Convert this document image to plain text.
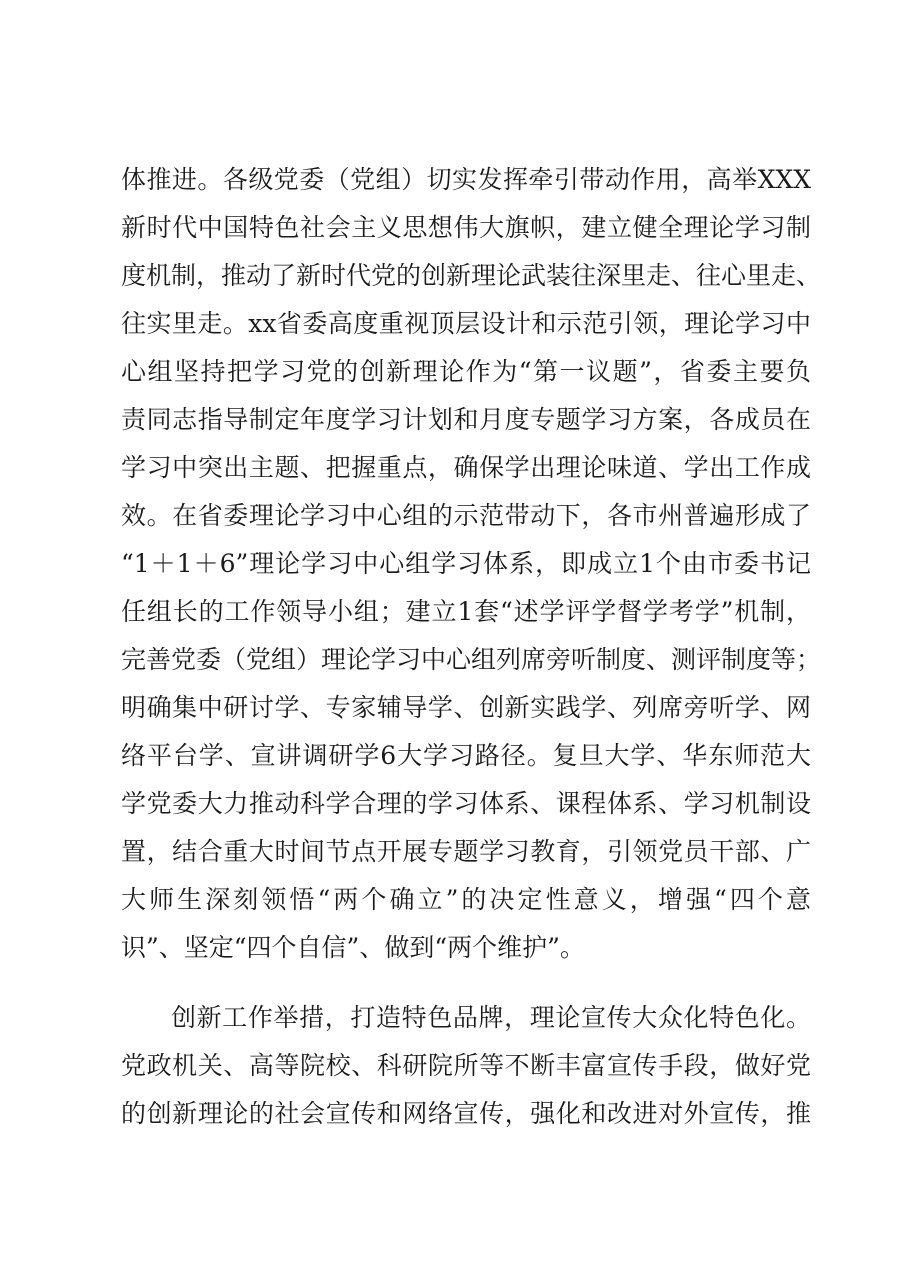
体推进。各级党委（党组）切实发挥牵引带动作用，高举XXX
新时代中国特色社会主义思想伟大旗帜，建立健全理论学习制
度机制，推动了新时代党的创新理论武装往深里走、往心里走、
往实里走。xx省委高度重视顶层设计和示范引领，理论学习中
心组坚持把学习党的创新理论作为“第一议题”，省委主要负
责同志指导制定年度学习计划和月度专题学习方案，各成员在
学习中突出主题、把握重点，确保学出理论味道、学出工作成
效。在省委理论学习中心组的示范带动下，各市州普遍形成了
“1＋1＋6”理论学习中心组学习体系，即成立1个由市委书记
任组长的工作领导小组；建立1套“述学评学督学考学”机制，
完善党委（党组）理论学习中心组列席旁听制度、测评制度等；
明确集中研讨学、专家辅导学、创新实践学、列席旁听学、网
络平台学、宣讲调研学6大学习路径。复旦大学、华东师范大
学党委大力推动科学合理的学习体系、课程体系、学习机制设
置，结合重大时间节点开展专题学习教育，引领党员干部、广
大师生深刻领悟“两个确立”的决定性意义，增强“四个意
识”、坚定“四个自信”、做到“两个维护”。
创新工作举措，打造特色品牌，理论宣传大众化特色化。
党政机关、高等院校、科研院所等不断丰富宣传手段，做好党
的创新理论的社会宣传和网络宣传，强化和改进对外宣传，推
